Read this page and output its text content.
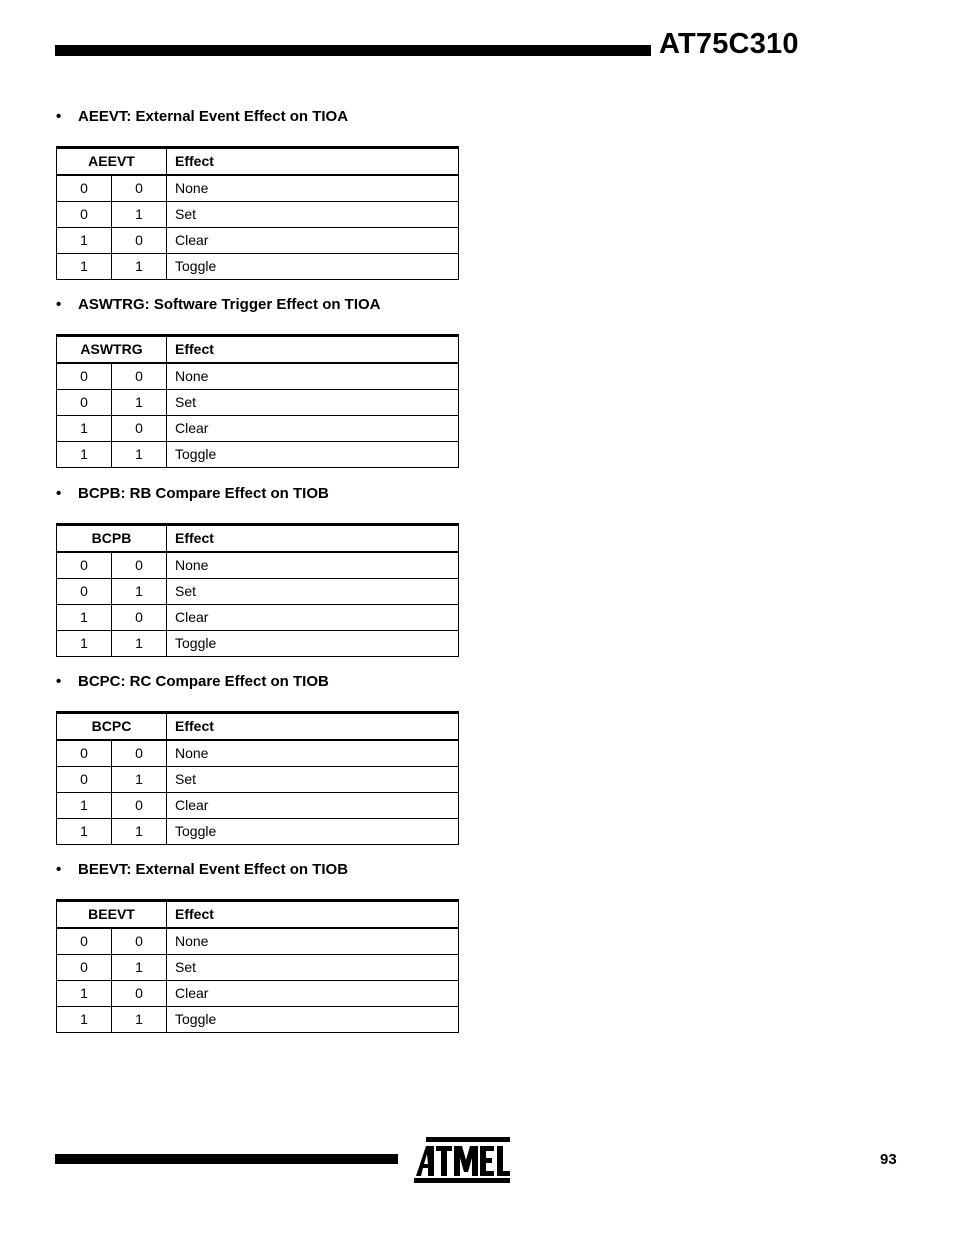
AT75C310
• AEEVT: External Event Effect on TIOA
AEEVT		Effect
0	0	None
0	1	Set
1	0	Clear
1	1	Toggle
• ASWTRG: Software Trigger Effect on TIOA
ASWTRG		Effect
0	0	None
0	1	Set
1	0	Clear
1	1	Toggle
• BCPB: RB Compare Effect on TIOB
BCPB		Effect
0	0	None
0	1	Set
1	0	Clear
1	1	Toggle
• BCPC: RC Compare Effect on TIOB
BCPC		Effect
0	0	None
0	1	Set
1	0	Clear
1	1	Toggle
• BEEVT: External Event Effect on TIOB
BEEVT		Effect
0	0	None
0	1	Set
1	0	Clear
1	1	Toggle
93
